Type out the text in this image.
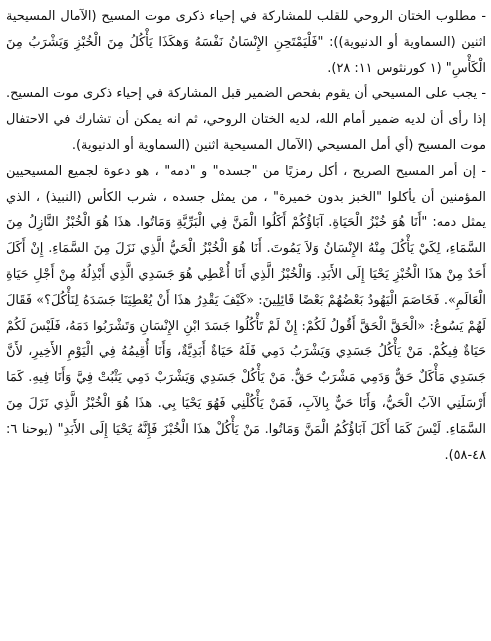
- مطلوب الختان الروحي للقلب للمشاركة في إحياء ذكرى موت المسيح (الآمال المسيحية اثنين (السماوية أو الدنيوية)): "فَلْيَمْتَحِنِ الإِنْسَانُ نَفْسَهُ وَهكَذَا يَأْكُلُ مِنَ الْخُبْزِ وَيَشْرَبُ مِنَ الْكَأْسِ" (١ كورنثوس ١١: ٢٨).

- يجب على المسيحي أن يقوم بفحص الضمير قبل المشاركة في إحياء ذكرى موت المسيح. إذا رأى أن لديه ضمير أمام الله، لديه الختان الروحي، ثم انه يمكن أن تشارك في الاحتفال موت المسيح (أي أمل المسيحي (الآمال المسيحية اثنين (السماوية أو الدنيوية).

- إن أمر المسيح الصريح ، أكل رمزيًا من "جسده" و "دمه" ، هو دعوة لجميع المسيحيين المؤمنين أن يأكلوا "الخبز بدون خميرة" ، من يمثل جسده ، شرب الكأس (النبيذ) ، الذي يمثل دمه: "أَنَا هُوَ خُبْزُ الْحَيَاةِ. آبَاؤُكُمْ أَكَلُوا الْمَنَّ فِي الْبَرِّيَّةِ وَمَاتُوا. هذَا هُوَ الْخُبْزُ النَّازِلُ مِنَ السَّمَاءِ، لِكَيْ يَأْكُلَ مِنْهُ الإِنْسَانُ وَلاَ يَمُوتَ. أَنَا هُوَ الْخُبْزُ الْحَيُّ الَّذِي نَزَلَ مِنَ السَّمَاءِ. إِنْ أَكَلَ أَحَدٌ مِنْ هذَا الْخُبْزِ يَحْيَا إِلَى الأَبَدِ. وَالْخُبْزُ الَّذِي أَنَا أُعْطِي هُوَ جَسَدِي الَّذِي أَبْذِلُهُ مِنْ أَجْلِ حَيَاةِ الْعَالَمِ». فَخَاصَمَ الْيَهُودُ بَعْضُهُمْ بَعْضًا قَائِلِينَ: «كَيْفَ يَقْدِرُ هذَا أَنْ يُعْطِيَنَا جَسَدَهُ لِنَأْكُلَ؟» فَقَالَ لَهُمْ يَسُوعُ: «الْحَقَّ الْحَقَّ أَقُولُ لَكُمْ: إِنْ لَمْ تَأْكُلُوا جَسَدَ ابْنِ الإِنْسَانِ وَتَشْرَبُوا دَمَهُ، فَلَيْسَ لَكُمْ حَيَاةٌ فِيكُمْ. مَنْ يَأْكُلُ جَسَدِي وَيَشْرَبُ دَمِي فَلَهُ حَيَاةٌ أَبَدِيَّةٌ، وَأَنَا أُقِيمُهُ فِي الْيَوْمِ الأَخِيرِ، لأَنَّ جَسَدِي مَأْكَلٌ حَقٌّ وَدَمِي مَشْرَبٌ حَقٌّ. مَنْ يَأْكُلْ جَسَدِي وَيَشْرَبْ دَمِي يَثْبُتْ فِيَّ وَأَنَا فِيهِ. كَمَا أَرْسَلَنِي الآبُ الْحَيُّ، وَأَنَا حَيٌّ بِالآبِ، فَمَنْ يَأْكُلْنِي فَهُوَ يَحْيَا بِي. هذَا هُوَ الْخُبْزُ الَّذِي نَزَلَ مِنَ السَّمَاءِ. لَيْسَ كَمَا أَكَلَ آبَاؤُكُمُ الْمَنَّ وَمَاتُوا. مَنْ يَأْكُلْ هذَا الْخُبْزَ فَإِنَّهُ يَحْيَا إِلَى الأَبَدِ" (يوحنا ٦: ٤٨-٥٨).
